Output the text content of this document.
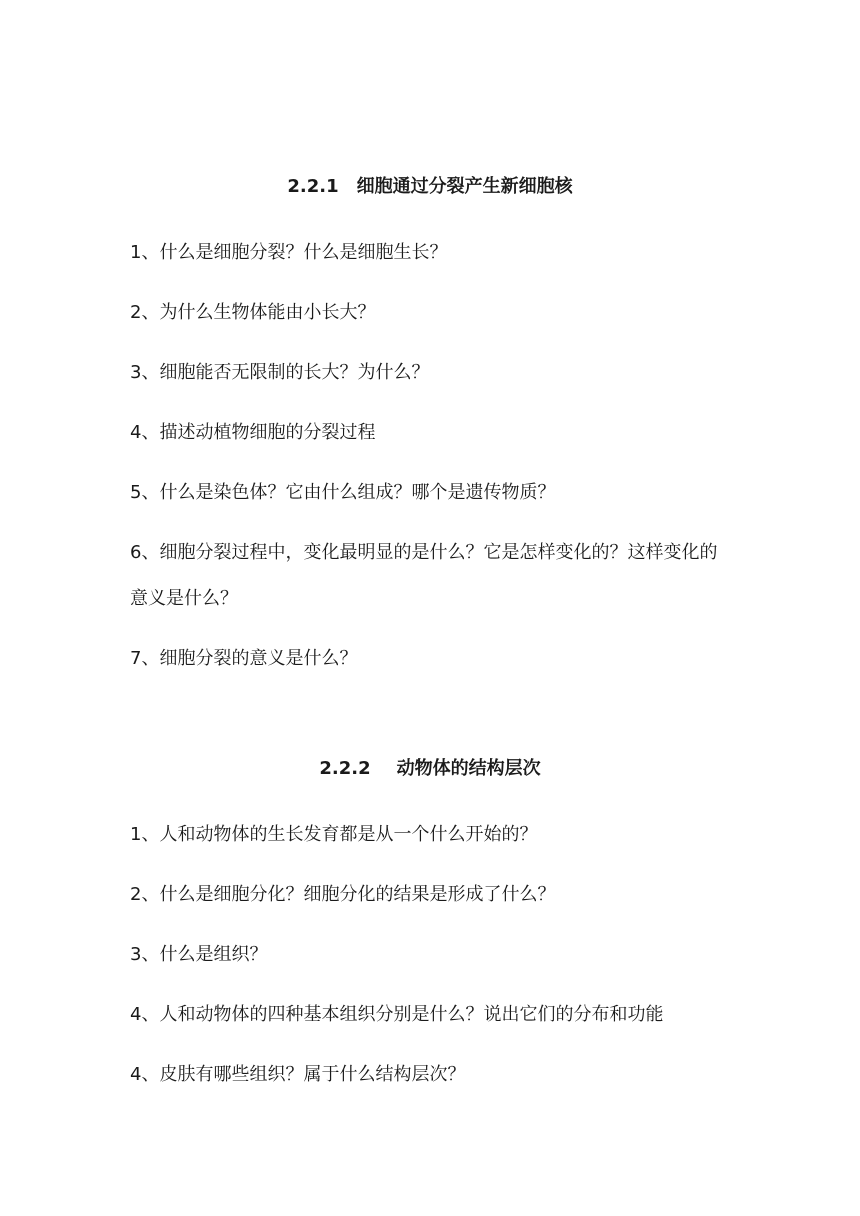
2.2.1 细胞通过分裂产生新细胞核
1、什么是细胞分裂？什么是细胞生长？
2、为什么生物体能由小长大？
3、细胞能否无限制的长大？为什么？
4、描述动植物细胞的分裂过程
5、什么是染色体？它由什么组成？哪个是遗传物质？
6、细胞分裂过程中，变化最明显的是什么？它是怎样变化的？这样变化的意义是什么？
7、细胞分裂的意义是什么？
2.2.2 动物体的结构层次
1、人和动物体的生长发育都是从一个什么开始的？
2、什么是细胞分化？细胞分化的结果是形成了什么？
3、什么是组织？
4、人和动物体的四种基本组织分别是什么？说出它们的分布和功能
4、皮肤有哪些组织？属于什么结构层次？
